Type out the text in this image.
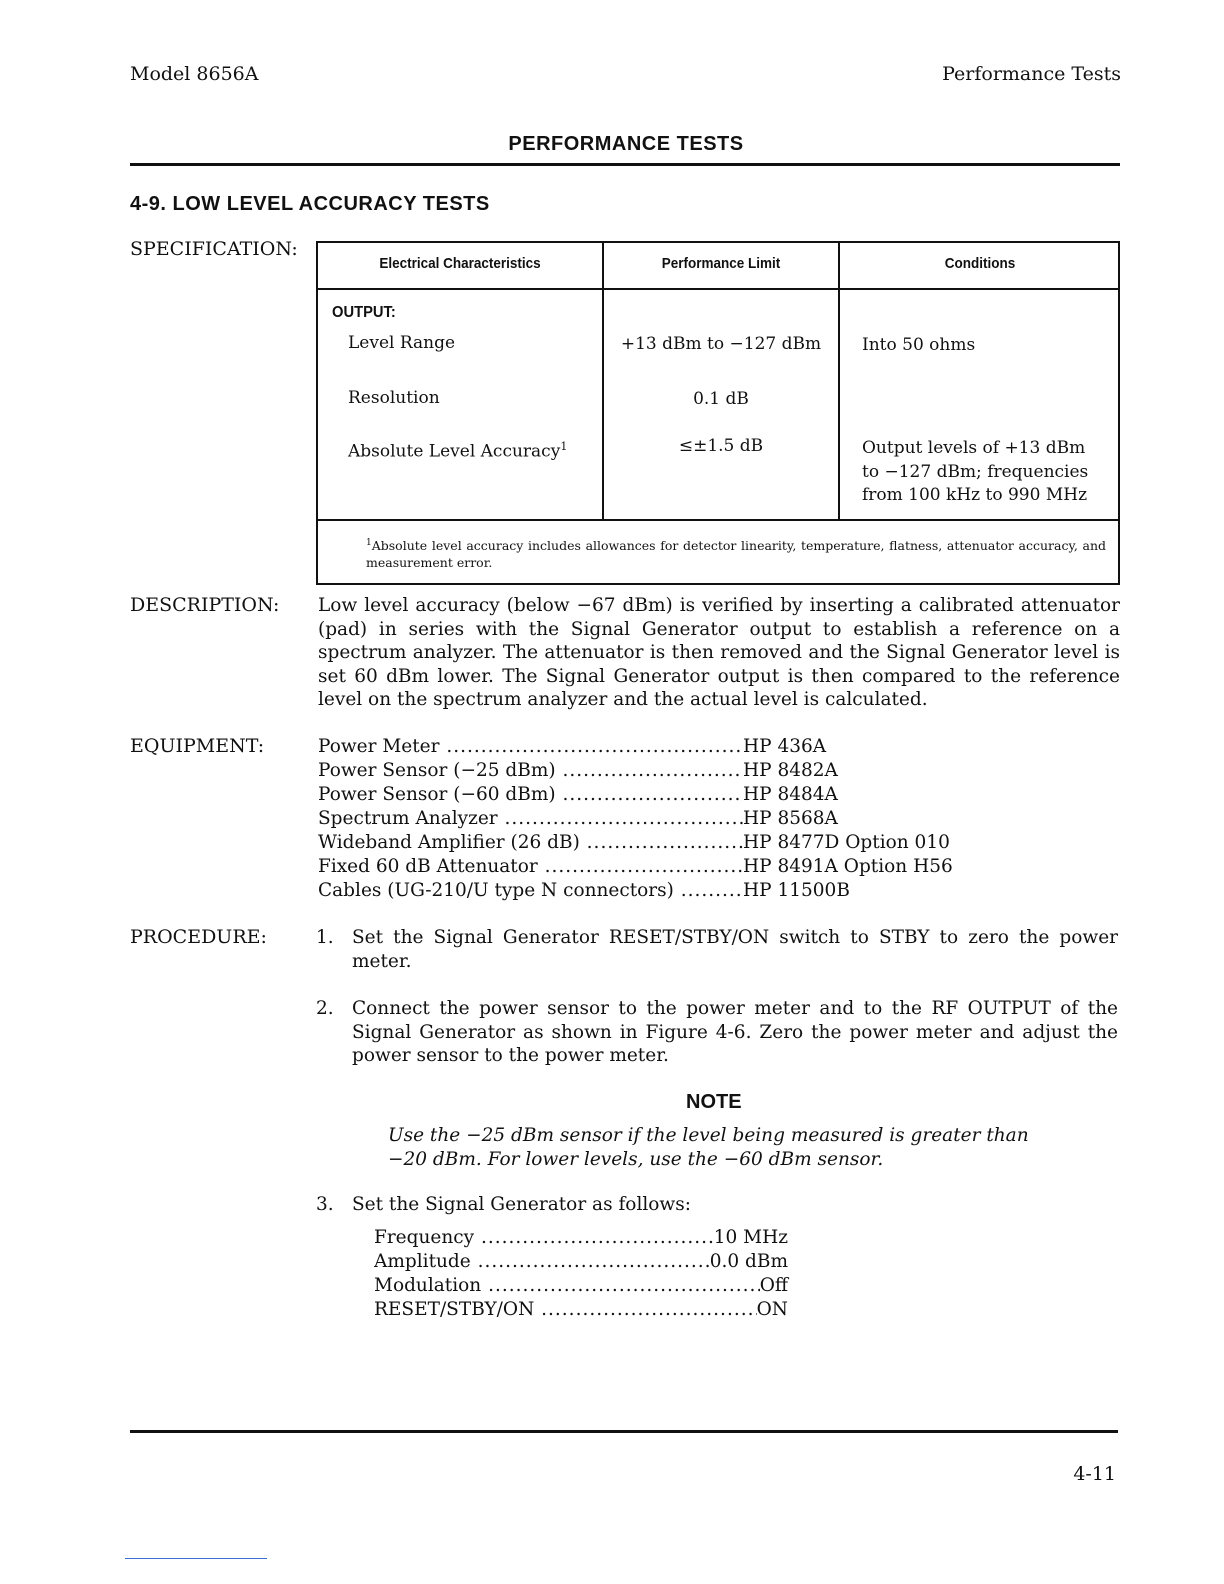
Model 8656A	Performance Tests
PERFORMANCE TESTS
4-9. LOW LEVEL ACCURACY TESTS
SPECIFICATION:
Electrical Characteristics	Performance Limit	Conditions
OUTPUT:
Level Range	+13 dBm to −127 dBm	Into 50 ohms
Resolution	0.1 dB
Absolute Level Accuracy$^1$	≤±1.5 dB	Output levels of +13 dBm
to −127 dBm; frequencies
from 100 kHz to 990 MHz
$^1$Absolute level accuracy includes allowances for detector linearity, temperature, flatness, attenuator accuracy, and measurement error.
DESCRIPTION: Low level accuracy (below −67 dBm) is verified by inserting a calibrated attenuator (pad) in series with the Signal Generator output to establish a reference on a spectrum analyzer. The attenuator is then removed and the Signal Generator level is set 60 dBm lower. The Signal Generator output is then compared to the reference level on the spectrum analyzer and the actual level is calculated.
EQUIPMENT:	Power Meter .....	HP 436A
Power Sensor (−25 dBm) .....	HP 8482A
Power Sensor (−60 dBm) .....	HP 8484A
Spectrum Analyzer .....	HP 8568A
Wideband Amplifier (26 dB) .....	HP 8477D Option 010
Fixed 60 dB Attenuator .....	HP 8491A Option H56
Cables (UG-210/U type N connectors) .....	HP 11500B
PROCEDURE:	1. Set the Signal Generator RESET/STBY/ON switch to STBY to zero the power meter.
2. Connect the power sensor to the power meter and to the RF OUTPUT of the Signal Generator as shown in Figure 4-6. Zero the power meter and adjust the power sensor to the power meter.
NOTE
Use the −25 dBm sensor if the level being measured is greater than −20 dBm. For lower levels, use the −60 dBm sensor.
3. Set the Signal Generator as follows:
Frequency .....	10 MHz
Amplitude .....	0.0 dBm
Modulation .....	Off
RESET/STBY/ON .....	ON
4-11
